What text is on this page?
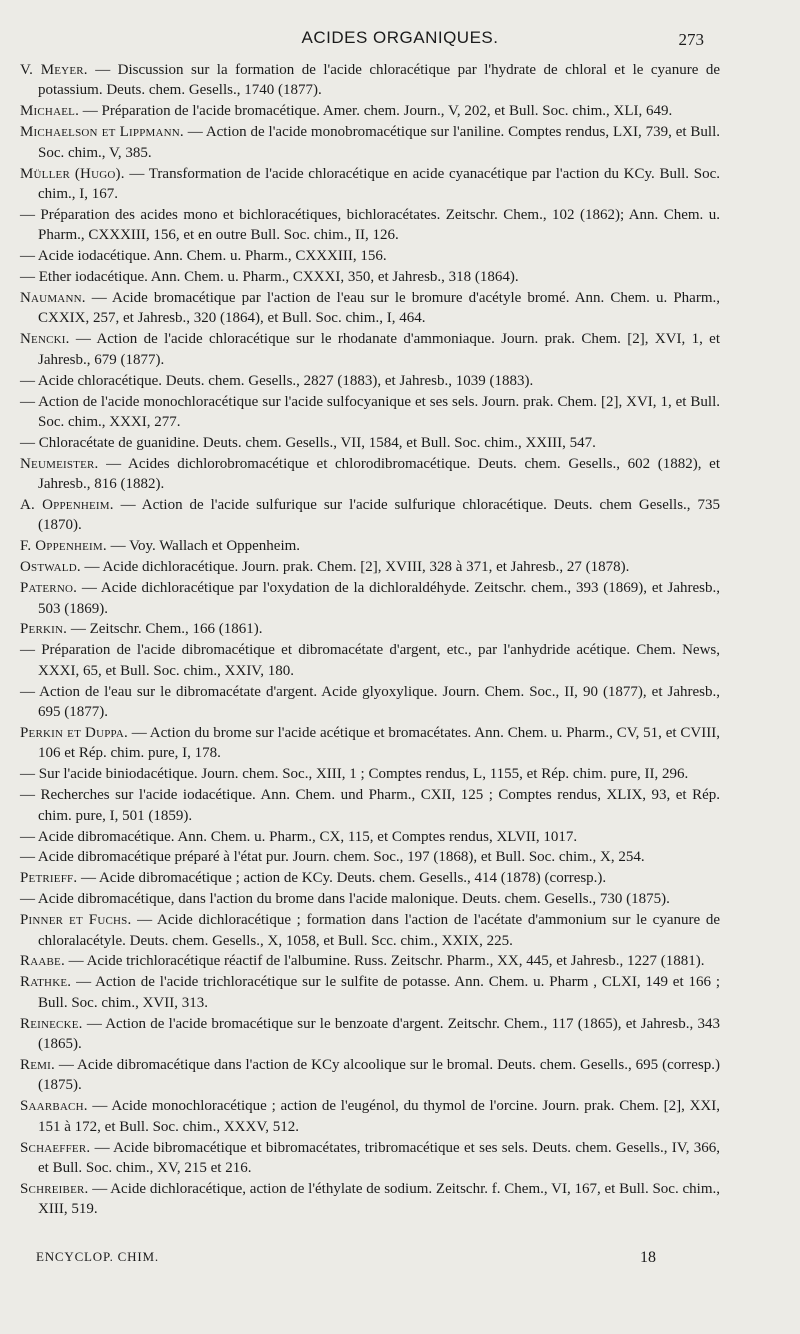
ACIDES ORGANIQUES.	273

V. Meyer. — Discussion sur la formation de l'acide chloracétique par l'hydrate de chloral et le cyanure de potassium. Deuts. chem. Gesells., 1740 (1877).

Michael. — Préparation de l'acide bromacétique. Amer. chem. Journ., V, 202, et Bull. Soc. chim., XLI, 649.

Michaelson et Lippmann. — Action de l'acide monobromacétique sur l'aniline. Comptes rendus, LXI, 739, et Bull. Soc. chim., V, 385.

Müller (Hugo). — Transformation de l'acide chloracétique en acide cyanacétique par l'action du KCy. Bull. Soc. chim., I, 167.

— Préparation des acides mono et bichloracétiques, bichloracétates. Zeitschr. Chem., 102 (1862); Ann. Chem. u. Pharm., CXXXIII, 156, et en outre Bull. Soc. chim., II, 126.

— Acide iodacétique. Ann. Chem. u. Pharm., CXXXIII, 156.

— Ether iodacétique. Ann. Chem. u. Pharm., CXXXI, 350, et Jahresb., 318 (1864).

Naumann. — Acide bromacétique par l'action de l'eau sur le bromure d'acétyle bromé. Ann. Chem. u. Pharm., CXXIX, 257, et Jahresb., 320 (1864), et Bull. Soc. chim., I, 464.

Nencki. — Action de l'acide chloracétique sur le rhodanate d'ammoniaque. Journ. prak. Chem. [2], XVI, 1, et Jahresb., 679 (1877).

— Acide chloracétique. Deuts. chem. Gesells., 2827 (1883), et Jahresb., 1039 (1883).

— Action de l'acide monochloracétique sur l'acide sulfocyanique et ses sels. Journ. prak. Chem. [2], XVI, 1, et Bull. Soc. chim., XXXI, 277.

— Chloracétate de guanidine. Deuts. chem. Gesells., VII, 1584, et Bull. Soc. chim., XXIII, 547.

Neumeister. — Acides dichlorobromacétique et chlorodibromacétique. Deuts. chem. Gesells., 602 (1882), et Jahresb., 816 (1882).

A. Oppenheim. — Action de l'acide sulfurique sur l'acide sulfurique chloracétique. Deuts. chem Gesells., 735 (1870).

F. Oppenheim. — Voy. Wallach et Oppenheim.

Ostwald. — Acide dichloracétique. Journ. prak. Chem. [2], XVIII, 328 à 371, et Jahresb., 27 (1878).

Paterno. — Acide dichloracétique par l'oxydation de la dichloraldéhyde. Zeitschr. chem., 393 (1869), et Jahresb., 503 (1869).

Perkin. — Zeitschr. Chem., 166 (1861).

— Préparation de l'acide dibromacétique et dibromacétate d'argent, etc., par l'anhydride acétique. Chem. News, XXXI, 65, et Bull. Soc. chim., XXIV, 180.

— Action de l'eau sur le dibromacétate d'argent. Acide glyoxylique. Journ. Chem. Soc., II, 90 (1877), et Jahresb., 695 (1877).

Perkin et Duppa. — Action du brome sur l'acide acétique et bromacétates. Ann. Chem. u. Pharm., CV, 51, et CVIII, 106 et Rép. chim. pure, I, 178.

— Sur l'acide biniodacétique. Journ. chem. Soc., XIII, 1 ; Comptes rendus, L, 1155, et Rép. chim. pure, II, 296.

— Recherches sur l'acide iodacétique. Ann. Chem. und Pharm., CXII, 125 ; Comptes rendus, XLIX, 93, et Rép. chim. pure, I, 501 (1859).

— Acide dibromacétique. Ann. Chem. u. Pharm., CX, 115, et Comptes rendus, XLVII, 1017.

— Acide dibromacétique préparé à l'état pur. Journ. chem. Soc., 197 (1868), et Bull. Soc. chim., X, 254.

Petrieff. — Acide dibromacétique ; action de KCy. Deuts. chem. Gesells., 414 (1878) (corresp.).

— Acide dibromacétique, dans l'action du brome dans l'acide malonique. Deuts. chem. Gesells., 730 (1875).

Pinner et Fuchs. — Acide dichloracétique ; formation dans l'action de l'acétate d'ammonium sur le cyanure de chloralacétyle. Deuts. chem. Gesells., X, 1058, et Bull. Scc. chim., XXIX, 225.

Raabe. — Acide trichloracétique réactif de l'albumine. Russ. Zeitschr. Pharm., XX, 445, et Jahresb., 1227 (1881).

Rathke. — Action de l'acide trichloracétique sur le sulfite de potasse. Ann. Chem. u. Pharm , CLXI, 149 et 166 ; Bull. Soc. chim., XVII, 313.

Reinecke. — Action de l'acide bromacétique sur le benzoate d'argent. Zeitschr. Chem., 117 (1865), et Jahresb., 343 (1865).

Remi. — Acide dibromacétique dans l'action de KCy alcoolique sur le bromal. Deuts. chem. Gesells., 695 (corresp.) (1875).

Saarbach. — Acide monochloracétique ; action de l'eugénol, du thymol de l'orcine. Journ. prak. Chem. [2], XXI, 151 à 172, et Bull. Soc. chim., XXXV, 512.

Schaeffer. — Acide bibromacétique et bibromacétates, tribromacétique et ses sels. Deuts. chem. Gesells., IV, 366, et Bull. Soc. chim., XV, 215 et 216.

Schreiber. — Acide dichloracétique, action de l'éthylate de sodium. Zeitschr. f. Chem., VI, 167, et Bull. Soc. chim., XIII, 519.

ENCYCLOP. CHIM.	18
